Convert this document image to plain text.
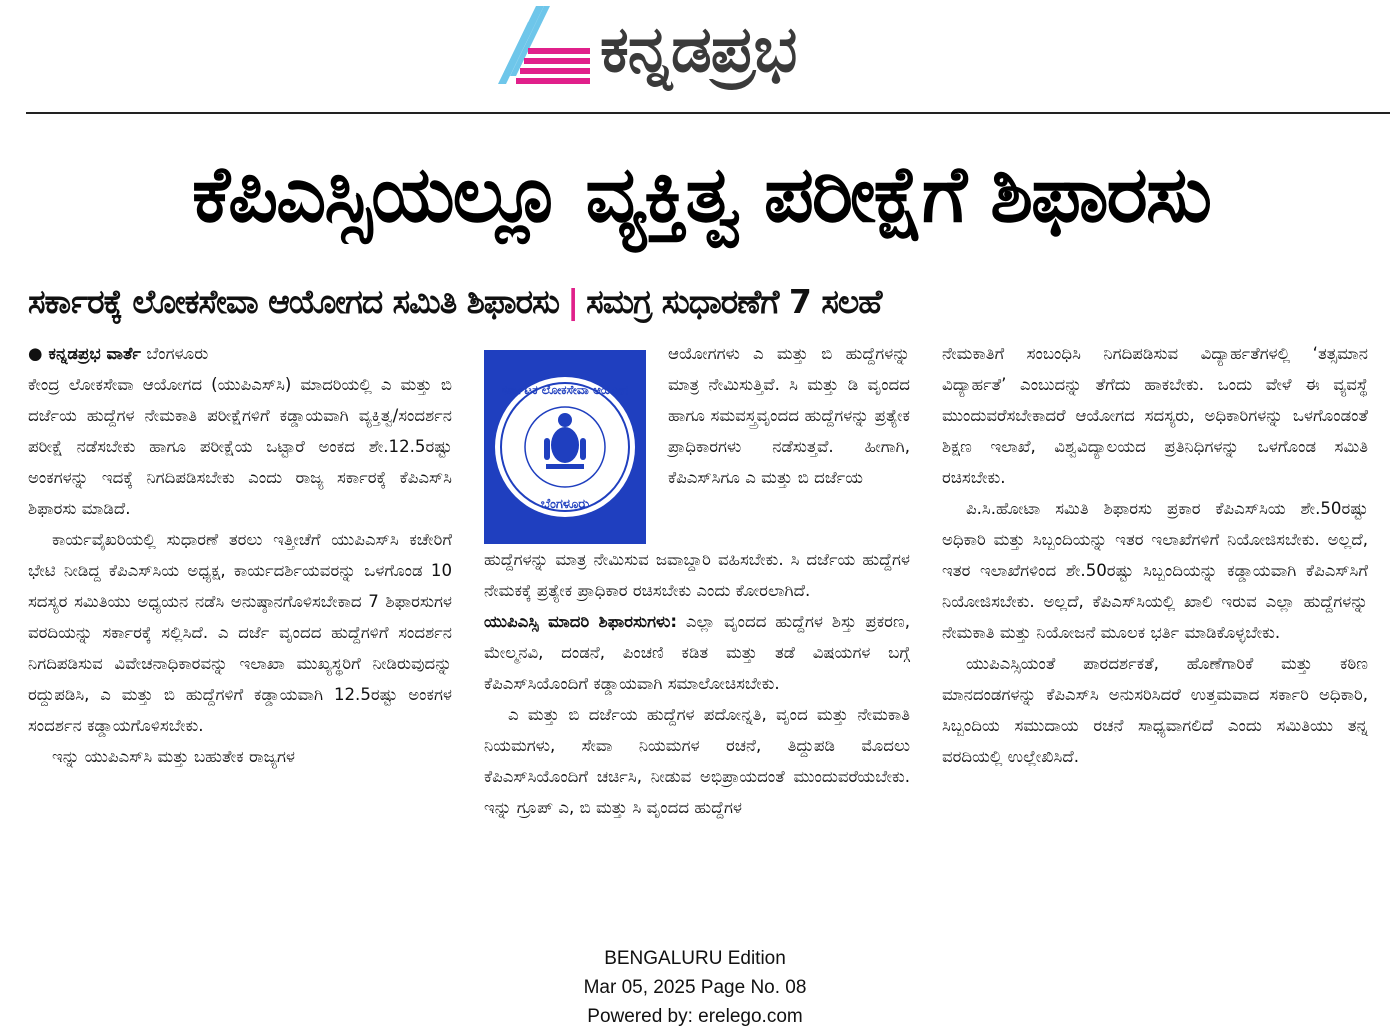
ಕನ್ನಡಪ್ರಭ
ಕೆಪಿಎಸ್ಸಿಯಲ್ಲೂ ವ್ಯಕ್ತಿತ್ವ ಪರೀಕ್ಷೆಗೆ ಶಿಫಾರಸು
ಸರ್ಕಾರಕ್ಕೆ ಲೋಕಸೇವಾ ಆಯೋಗದ ಸಮಿತಿ ಶಿಫಾರಸು | ಸಮಗ್ರ ಸುಧಾರಣೆಗೆ 7 ಸಲಹೆ

● ಕನ್ನಡಪ್ರಭ ವಾರ್ತೆ ಬೆಂಗಳೂರು

ಕೇಂದ್ರ ಲೋಕಸೇವಾ ಆಯೋಗದ (ಯುಪಿಎಸ್‌ಸಿ) ಮಾದರಿಯಲ್ಲಿ ಎ ಮತ್ತು ಬಿ ದರ್ಜೆಯ ಹುದ್ದೆಗಳ ನೇಮಕಾತಿ ಪರೀಕ್ಷೆಗಳಿಗೆ ಕಡ್ಡಾಯವಾಗಿ ವ್ಯಕ್ತಿತ್ವ/ಸಂದರ್ಶನ ಪರೀಕ್ಷೆ ನಡೆಸಬೇಕು ಹಾಗೂ ಪರೀಕ್ಷೆಯ ಒಟ್ಟಾರೆ ಅಂಕದ ಶೇ.12.5ರಷ್ಟು ಅಂಕಗಳನ್ನು ಇದಕ್ಕೆ ನಿಗದಿಪಡಿಸಬೇಕು ಎಂದು ರಾಜ್ಯ ಸರ್ಕಾರಕ್ಕೆ ಕೆಪಿಎಸ್‌ಸಿ ಶಿಫಾರಸು ಮಾಡಿದೆ.

ಕಾರ್ಯವೈಖರಿಯಲ್ಲಿ ಸುಧಾರಣೆ ತರಲು ಇತ್ತೀಚೆಗೆ ಯುಪಿಎಸ್‌ಸಿ ಕಚೇರಿಗೆ ಭೇಟಿ ನೀಡಿದ್ದ ಕೆಪಿಎಸ್‌ಸಿಯ ಅಧ್ಯಕ್ಷ, ಕಾರ್ಯದರ್ಶಿಯವರನ್ನು ಒಳಗೊಂಡ 10 ಸದಸ್ಯರ ಸಮಿತಿಯು ಅಧ್ಯಯನ ನಡೆಸಿ ಅನುಷ್ಠಾನಗೊಳಿಸಬೇಕಾದ 7 ಶಿಫಾರಸುಗಳ ವರದಿಯನ್ನು ಸರ್ಕಾರಕ್ಕೆ ಸಲ್ಲಿಸಿದೆ. ಎ ದರ್ಜೆ ವೃಂದದ ಹುದ್ದೆಗಳಿಗೆ ಸಂದರ್ಶನ ನಿಗದಿಪಡಿಸುವ ವಿವೇಚನಾಧಿಕಾರವನ್ನು ಇಲಾಖಾ ಮುಖ್ಯಸ್ಥರಿಗೆ ನೀಡಿರುವುದನ್ನು ರದ್ದುಪಡಿಸಿ, ಎ ಮತ್ತು ಬಿ ಹುದ್ದೆಗಳಿಗೆ ಕಡ್ಡಾಯವಾಗಿ 12.5ರಷ್ಟು ಅಂಕಗಳ ಸಂದರ್ಶನ ಕಡ್ಡಾಯಗೊಳಿಸಬೇಕು.

ಇನ್ನು ಯುಪಿಎಸ್‌ಸಿ ಮತ್ತು ಬಹುತೇಕ ರಾಜ್ಯಗಳ

ಕರ್ನಾಟಕ ಲೋಕಸೇವಾ ಆಯೋಗ
ಬೆಂಗಳೂರು

ಆಯೋಗಗಳು ಎ ಮತ್ತು ಬಿ ಹುದ್ದೆಗಳನ್ನು ಮಾತ್ರ ನೇಮಿಸುತ್ತಿವೆ. ಸಿ ಮತ್ತು ಡಿ ವೃಂದದ ಹಾಗೂ ಸಮವಸ್ತ್ರವೃಂದದ ಹುದ್ದೆಗಳನ್ನು ಪ್ರತ್ಯೇಕ ಪ್ರಾಧಿಕಾರಗಳು ನಡೆಸುತ್ತವೆ. ಹೀಗಾಗಿ, ಕೆಪಿಎಸ್‌ಸಿಗೂ ಎ ಮತ್ತು ಬಿ ದರ್ಜೆಯ

ಹುದ್ದೆಗಳನ್ನು ಮಾತ್ರ ನೇಮಿಸುವ ಜವಾಬ್ದಾರಿ ವಹಿಸಬೇಕು. ಸಿ ದರ್ಜೆಯ ಹುದ್ದೆಗಳ ನೇಮಕಕ್ಕೆ ಪ್ರತ್ಯೇಕ ಪ್ರಾಧಿಕಾರ ರಚಿಸಬೇಕು ಎಂದು ಕೋರಲಾಗಿದೆ.

ಯುಪಿಎಸ್ಸಿ ಮಾದರಿ ಶಿಫಾರಸುಗಳು: ಎಲ್ಲಾ ವೃಂದದ ಹುದ್ದೆಗಳ ಶಿಸ್ತು ಪ್ರಕರಣ, ಮೇಲ್ಮನವಿ, ದಂಡನೆ, ಪಿಂಚಣಿ ಕಡಿತ ಮತ್ತು ತಡೆ ವಿಷಯಗಳ ಬಗ್ಗೆ ಕೆಪಿಎಸ್‌ಸಿಯೊಂದಿಗೆ ಕಡ್ಡಾಯವಾಗಿ ಸಮಾಲೋಚಿಸಬೇಕು.

ಎ ಮತ್ತು ಬಿ ದರ್ಜೆಯ ಹುದ್ದೆಗಳ ಪದೋನ್ನತಿ, ವೃಂದ ಮತ್ತು ನೇಮಕಾತಿ ನಿಯಮಗಳು, ಸೇವಾ ನಿಯಮಗಳ ರಚನೆ, ತಿದ್ದುಪಡಿ ಮೊದಲು ಕೆಪಿಎಸ್‌ಸಿಯೊಂದಿಗೆ ಚರ್ಚಿಸಿ, ನೀಡುವ ಅಭಿಪ್ರಾಯದಂತೆ ಮುಂದುವರೆಯಬೇಕು. ಇನ್ನು ಗ್ರೂಪ್ ಎ, ಬಿ ಮತ್ತು ಸಿ ವೃಂದದ ಹುದ್ದೆಗಳ

ನೇಮಕಾತಿಗೆ ಸಂಬಂಧಿಸಿ ನಿಗದಿಪಡಿಸುವ ವಿದ್ಯಾರ್ಹತೆಗಳಲ್ಲಿ ‘ತತ್ಸಮಾನ ವಿದ್ಯಾರ್ಹತೆ’ ಎಂಬುದನ್ನು ತೆಗೆದು ಹಾಕಬೇಕು. ಒಂದು ವೇಳೆ ಈ ವ್ಯವಸ್ಥೆ ಮುಂದುವರೆಸಬೇಕಾದರೆ ಆಯೋಗದ ಸದಸ್ಯರು, ಅಧಿಕಾರಿಗಳನ್ನು ಒಳಗೊಂಡಂತೆ ಶಿಕ್ಷಣ ಇಲಾಖೆ, ವಿಶ್ವವಿದ್ಯಾಲಯದ ಪ್ರತಿನಿಧಿಗಳನ್ನು ಒಳಗೊಂಡ ಸಮಿತಿ ರಚಿಸಬೇಕು.

ಪಿ.ಸಿ.ಹೋಟಾ ಸಮಿತಿ ಶಿಫಾರಸು ಪ್ರಕಾರ ಕೆಪಿಎಸ್‌ಸಿಯ ಶೇ.50ರಷ್ಟು ಅಧಿಕಾರಿ ಮತ್ತು ಸಿಬ್ಬಂದಿಯನ್ನು ಇತರ ಇಲಾಖೆಗಳಿಗೆ ನಿಯೋಜಿಸಬೇಕು. ಅಲ್ಲದೆ, ಇತರ ಇಲಾಖೆಗಳಿಂದ ಶೇ.50ರಷ್ಟು ಸಿಬ್ಬಂದಿಯನ್ನು ಕಡ್ಡಾಯವಾಗಿ ಕೆಪಿಎಸ್‌ಸಿಗೆ ನಿಯೋಜಿಸಬೇಕು. ಅಲ್ಲದೆ, ಕೆಪಿಎಸ್‌ಸಿಯಲ್ಲಿ ಖಾಲಿ ಇರುವ ಎಲ್ಲಾ ಹುದ್ದೆಗಳನ್ನು ನೇಮಕಾತಿ ಮತ್ತು ನಿಯೋಜನೆ ಮೂಲಕ ಭರ್ತಿ ಮಾಡಿಕೊಳ್ಳಬೇಕು.

ಯುಪಿಎಸ್ಸಿಯಂತೆ ಪಾರದರ್ಶಕತೆ, ಹೊಣೆಗಾರಿಕೆ ಮತ್ತು ಕಠಿಣ ಮಾನದಂಡಗಳನ್ನು ಕೆಪಿಎಸ್‌ಸಿ ಅನುಸರಿಸಿದರೆ ಉತ್ತಮವಾದ ಸರ್ಕಾರಿ ಅಧಿಕಾರಿ, ಸಿಬ್ಬಂದಿಯ ಸಮುದಾಯ ರಚನೆ ಸಾಧ್ಯವಾಗಲಿದೆ ಎಂದು ಸಮಿತಿಯು ತನ್ನ ವರದಿಯಲ್ಲಿ ಉಲ್ಲೇಖಿಸಿದೆ.

BENGALURU Edition
Mar 05, 2025 Page No. 08
Powered by: erelego.com
